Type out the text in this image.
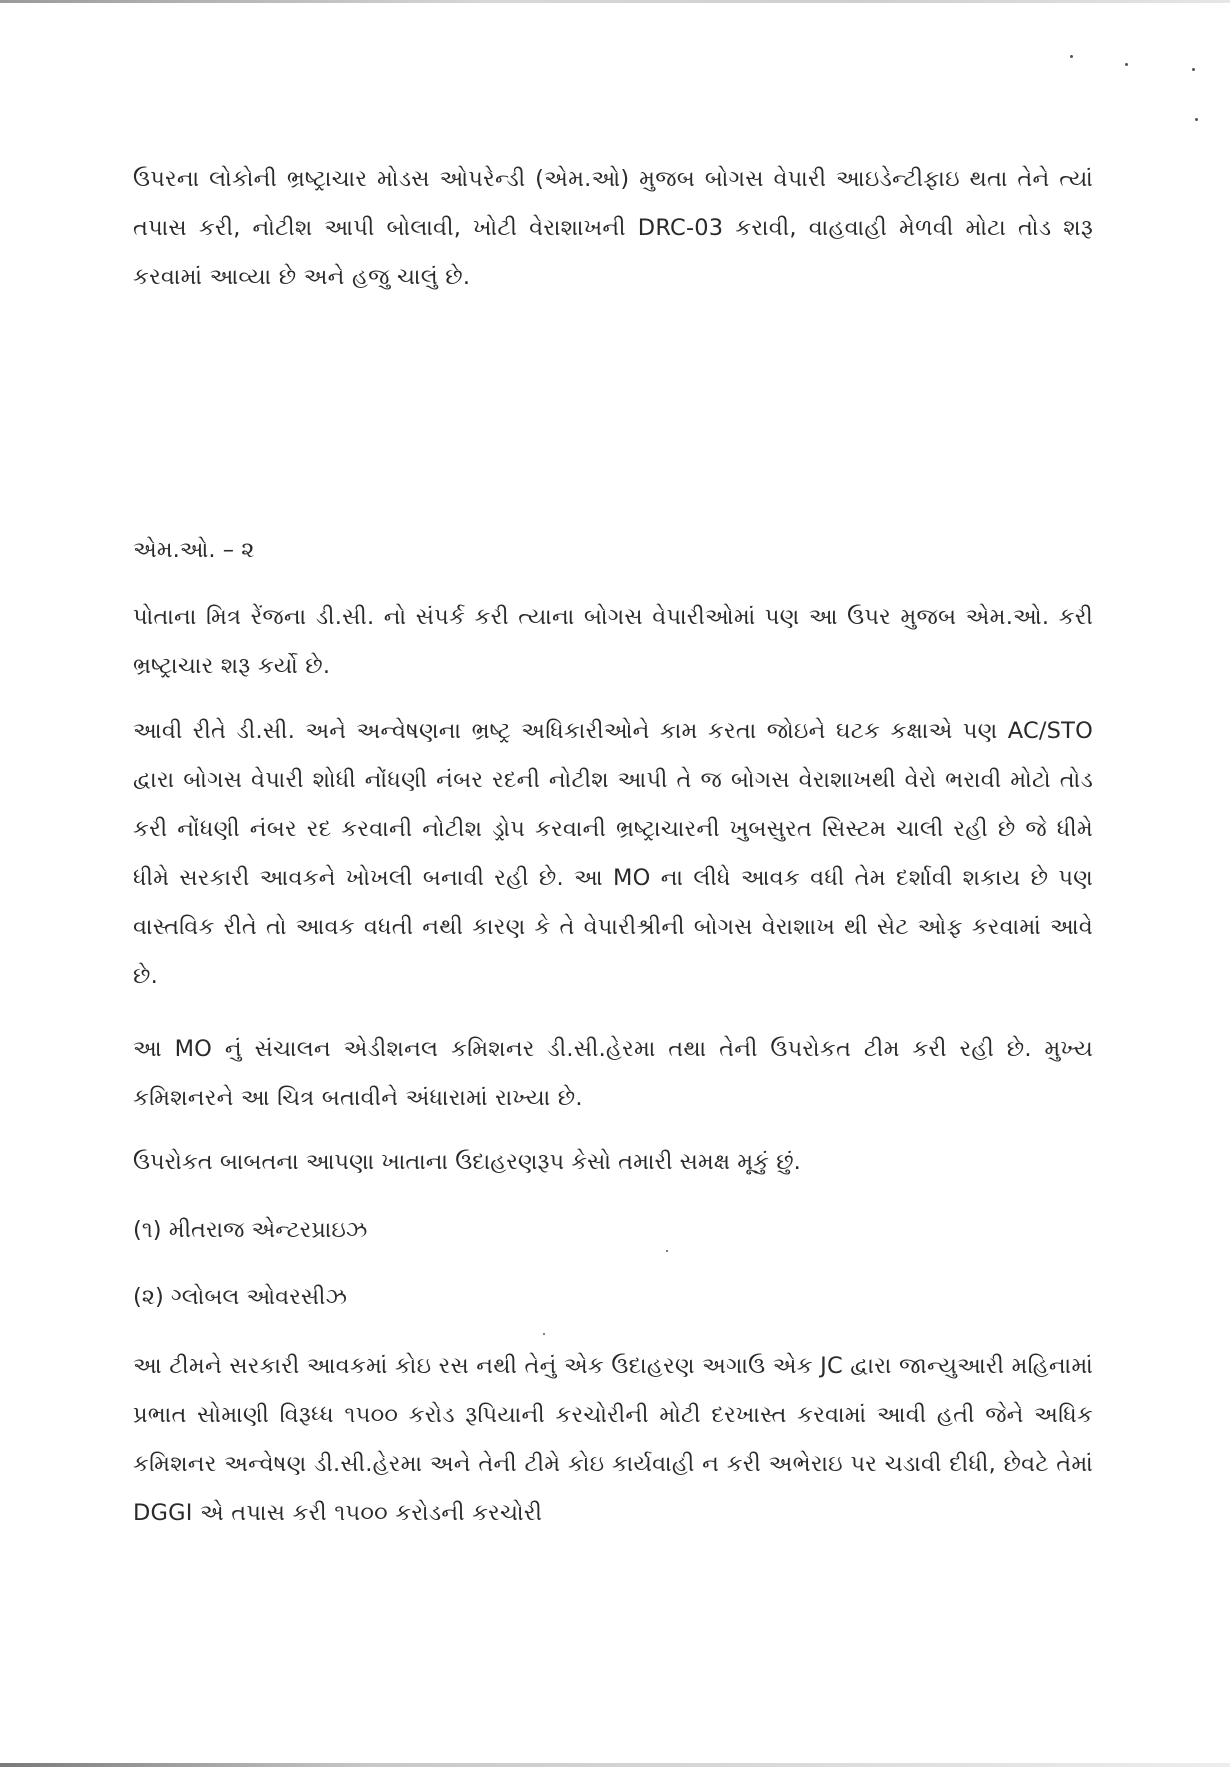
ઉપરના લોકોની ભ્રષ્ટ્રાચાર મોડસ ઓપરેન્ડી (એમ.ઓ) મુજબ બોગસ વેપારી આઇડેન્ટીફાઇ થતા તેને ત્યાં તપાસ કરી, નોટીશ આપી બોલાવી, ખોટી વેરાશાખની DRC-03 કરાવી, વાહવાહી મેળવી મોટા તોડ શરૂ કરવામાં આવ્યા છે અને હજુ ચાલું છે.

એમ.ઓ. – ૨

પોતાના મિત્ર રેંજના ડી.સી. નો સંપર્ક કરી ત્યાના બોગસ વેપારીઓમાં પણ આ ઉપર મુજબ એમ.ઓ. કરી ભ્રષ્ટ્રાચાર શરૂ કર્યો છે.

આવી રીતે ડી.સી. અને અન્વેષણના ભ્રષ્ટ્ર અધિકારીઓને કામ કરતા જોઇને ઘટક કક્ષાએ પણ AC/STO દ્વારા બોગસ વેપારી શોધી નોંધણી નંબર રદની નોટીશ આપી તે જ બોગસ વેરાશાખથી વેરો ભરાવી મોટો તોડ કરી નોંધણી નંબર રદ કરવાની નોટીશ ડ્રોપ કરવાની ભ્રષ્ટ્રાચારની ખુબસુરત સિસ્ટમ ચાલી રહી છે જે ધીમે ધીમે સરકારી આવકને ખોખલી બનાવી રહી છે. આ MO ના લીધે આવક વધી તેમ દર્શાવી શકાય છે પણ વાસ્તવિક રીતે તો આવક વધતી નથી કારણ કે તે વેપારીશ્રીની બોગસ વેરાશાખ થી સેટ ઓફ કરવામાં આવે છે.

આ MO નું સંચાલન એડીશનલ કમિશનર ડી.સી.હેરમા તથા તેની ઉપરોકત ટીમ કરી રહી છે. મુખ્ય કમિશનરને આ ચિત્ર બતાવીને અંધારામાં રાખ્યા છે.

ઉપરોકત બાબતના આપણા ખાતાના ઉદાહરણરૂપ કેસો તમારી સમક્ષ મૂકું છું.

(૧) મીતરાજ એન્ટરપ્રાઇઝ

(૨) ગ્લોબલ ઓવરસીઝ

આ ટીમને સરકારી આવકમાં કોઇ રસ નથી તેનું એક ઉદાહરણ અગાઉ એક JC દ્વારા જાન્યુઆરી મહિનામાં પ્રભાત સોમાણી વિરૂધ્ધ ૧૫૦૦ કરોડ રૂપિયાની કરચોરીની મોટી દરખાસ્ત કરવામાં આવી હતી જેને અધિક કમિશનર અન્વેષણ ડી.સી.હેરમા અને તેની ટીમે કોઇ કાર્યવાહી ન કરી અભેરાઇ પર ચડાવી દીધી, છેવટે તેમાં DGGI એ તપાસ કરી ૧૫૦૦ કરોડની કરચોરી
